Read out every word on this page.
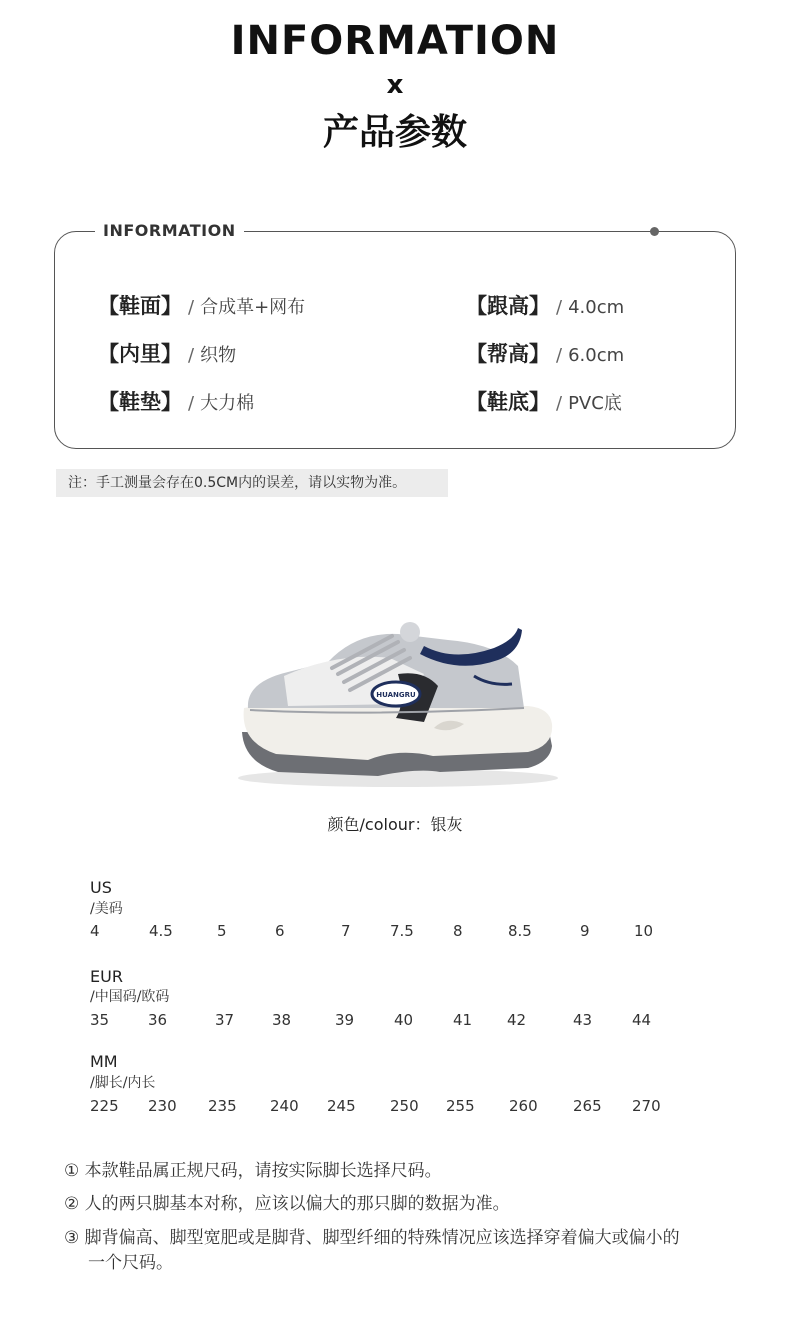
INFORMATION
x
产品参数
INFORMATION
【鞋面】 / 合成革+网布
【内里】 / 织物
【鞋垫】 / 大力棉
【跟高】 / 4.0cm
【帮高】 / 6.0cm
【鞋底】 / PVC底
注：手工测量会存在0.5CM内的误差，请以实物为准。
HUANGRU
颜色/colour：银灰
US
/美码
4	4.5	5	6	7	7.5	8	8.5	9	10
EUR
/中国码/欧码
35	36	37	38	39	40	41 42	43	44
MM
/脚长/内长
225 230 235 240 245 250 255 260 265 270
① 本款鞋品属正规尺码，请按实际脚长选择尺码。
② 人的两只脚基本对称，应该以偏大的那只脚的数据为准。
③ 脚背偏高、脚型宽肥或是脚背、脚型纤细的特殊情况应该选择穿着偏大或偏小的
一个尺码。
